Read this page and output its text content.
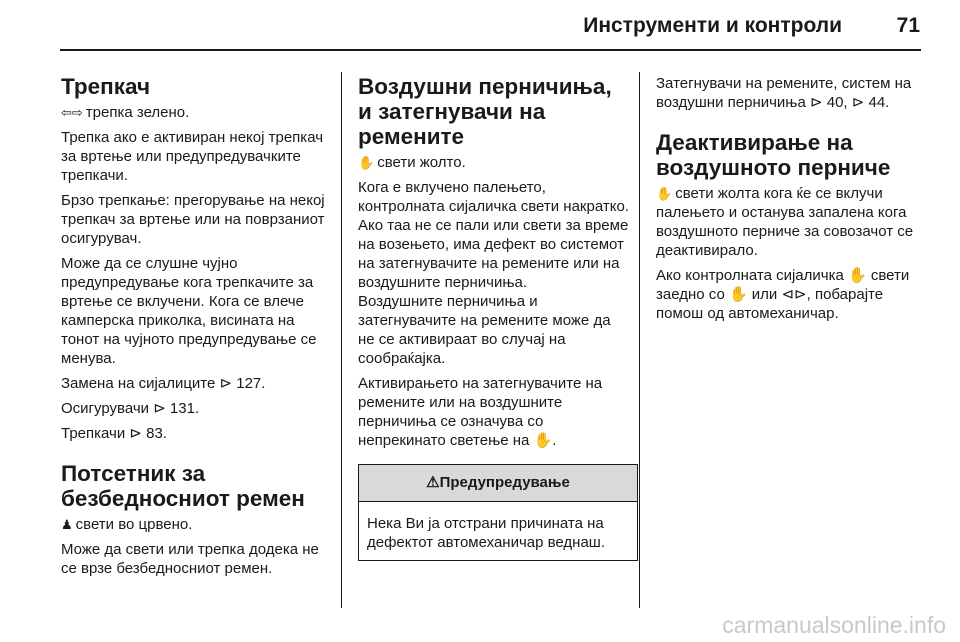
Инструменти и контроли	71
Трепкач

⇦⇨ трепка зелено.

Трепка ако е активиран некој трепкач за вртење или предупредувачките трепкачи.

Брзо трепкање: прегорување на некој трепкач за вртење или на поврзаниот осигурувач.

Може да се слушне чујно предупредување кога трепкачите за вртење се вклучени. Кога се влече камперска приколка, висината на тонот на чујното предупредување се менува.

Замена на сијалиците ⊳ 127.

Осигурувачи ⊳ 131.

Трепкачи ⊳ 83.

Потсетник за безбедносниот ремен

♟ свети во црвено.

Може да свети или трепка додека не се врзе безбедносниот ремен.

Воздушни перничиња, и затегнувачи на ремените

✋ свети жолто.

Кога е вклучено палењето, контролната сијаличка свети накратко. Ако таа не се пали или свети за време на возењето, има дефект во системот на затегнувачите на ремените или на воздушните перничиња.

Воздушните перничиња и затегнувачите на ремените може да не се активираат во случај на сообраќајка.

Активирањето на затегнувачите на ремените или на воздушните перничиња се означува со непрекинато светење на ✋.

⚠Предупредување
Нека Ви ја отстрани причината на дефектот автомеханичар веднаш.

Затегнувачи на ремените, систем на воздушни перничиња ⊳ 40, ⊳ 44.

Деактивирање на воздушното перниче

✋ свети жолта кога ќе се вклучи палењето и останува запалена кога воздушното перниче за совозачот се деактивирало.

Ако контролната сијаличка ✋ свети заедно со ✋ или ⊲⊳, побарајте помош од автомеханичар.

carmanualsonline.info
